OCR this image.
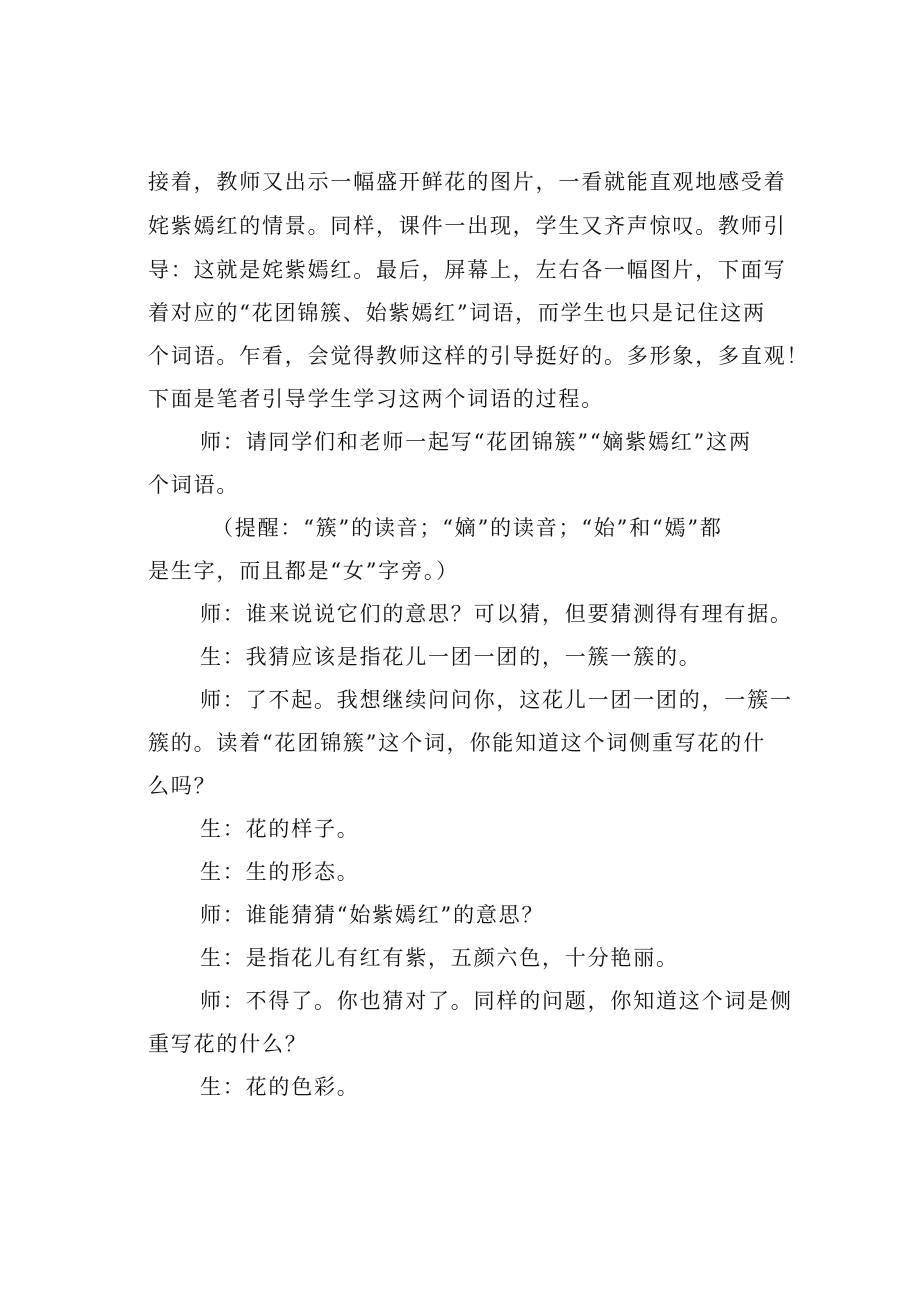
接着，教师又出示一幅盛开鲜花的图片，一看就能直观地感受着
姹紫嫣红的情景。同样，课件一出现，学生又齐声惊叹。教师引
导：这就是姹紫嫣红。最后，屏幕上，左右各一幅图片，下面写
着对应的“花团锦簇、始紫嫣红”词语，而学生也只是记住这两
个词语。乍看，会觉得教师这样的引导挺好的。多形象，多直观！
下面是笔者引导学生学习这两个词语的过程。
师：请同学们和老师一起写“花团锦簇”“嫡紫嫣红”这两
个词语。
（提醒：“簇”的读音；“嫡”的读音；“始”和“嫣”都
是生字，而且都是“女”字旁。）
师：谁来说说它们的意思？可以猜，但要猜测得有理有据。
生：我猜应该是指花儿一团一团的，一簇一簇的。
师：了不起。我想继续问问你，这花儿一团一团的，一簇一
簇的。读着“花团锦簇”这个词，你能知道这个词侧重写花的什
么吗？
生：花的样子。
生：生的形态。
师：谁能猜猜“始紫嫣红”的意思？
生：是指花儿有红有紫，五颜六色，十分艳丽。
师：不得了。你也猜对了。同样的问题，你知道这个词是侧
重写花的什么？
生：花的色彩。
